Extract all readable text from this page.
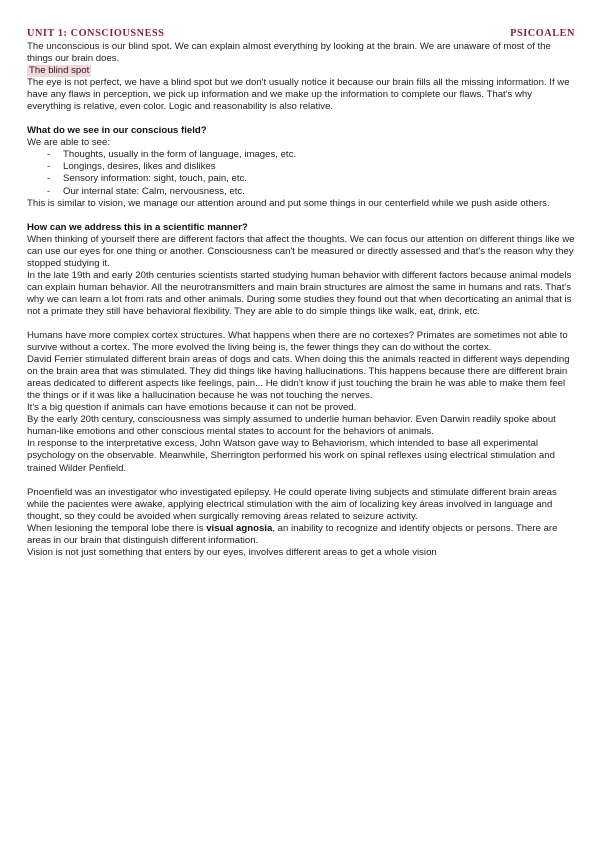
UNIT 1: CONSCIOUSNESS	PSICOALEN

The unconscious is our blind spot. We can explain almost everything by looking at the brain. We are unaware of most of the things our brain does.

The blind spot

The eye is not perfect, we have a blind spot but we don't usually notice it because our brain fills all the missing information. If we have any flaws in perception, we pick up information and we make up the information to complete our flaws. That's why everything is relative, even color. Logic and reasonability is also relative.

What do we see in our conscious field?

We are able to see:

- Thoughts, usually in the form of language, images, etc.
- Longings, desires, likes and dislikes
- Sensory information: sight, touch, pain, etc.
- Our internal state: Calm, nervousness, etc.

This is similar to vision, we manage our attention around and put some things in our centerfield while we push aside others.

How can we address this in a scientific manner?

When thinking of yourself there are different factors that affect the thoughts. We can focus our attention on different things like we can use our eyes for one thing or another. Consciousness can't be measured or directly assessed and that's the reason why they stopped studying it.

In the late 19th and early 20th centuries scientists started studying human behavior with different factors because animal models can explain human behavior. All the neurotransmitters and main brain structures are almost the same in humans and rats. That's why we can learn a lot from rats and other animals. During some studies they found out that when decorticating an animal that is not a primate they still have behavioral flexibility. They are able to do simple things like walk, eat, drink, etc.

Humans have more complex cortex structures. What happens when there are no cortexes? Primates are sometimes not able to survive without a cortex. The more evolved the living being is, the fewer things they can do without the cortex.

David Ferrier stimulated different brain areas of dogs and cats. When doing this the animals reacted in different ways depending on the brain area that was stimulated. They did things like having hallucinations. This happens because there are different brain areas dedicated to different aspects like feelings, pain... He didn't know if just touching the brain he was able to make them feel the things or if it was like a hallucination because he was not touching the nerves.

It's a big question if animals can have emotions because it can not be proved.

By the early 20th century, consciousness was simply assumed to underlie human behavior. Even Darwin readily spoke about human-like emotions and other conscious mental states to account for the behaviors of animals.

In response to the interpretative excess, John Watson gave way to Behaviorism, which intended to base all experimental psychology on the observable. Meanwhile, Sherrington performed his work on spinal reflexes using electrical stimulation and trained Wilder Penfield.

Pnoenfield was an investigator who investigated epilepsy. He could operate living subjects and stimulate different brain areas while the pacientes were awake, applying electrical stimulation with the aim of localizing key áreas involved in language and thought, so they could be avoided when surgically removing áreas related to seizure activity.

When lesioning the temporal lobe there is visual agnosia, an inability to recognize and identify objects or persons. There are areas in our brain that distinguish different information.

Vision is not just something that enters by our eyes, involves different areas to get a whole vision
